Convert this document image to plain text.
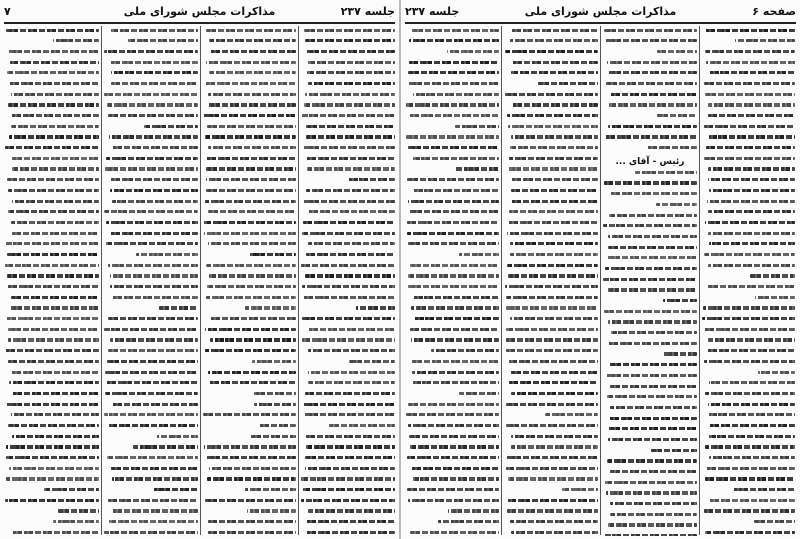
جلسه ۲۳۷
مذاکرات مجلس شورای ملی
۷	صفحه ۶
مذاکرات مجلس شورای ملی
جلسه ۲۳۷
رئیس - آقای ...
